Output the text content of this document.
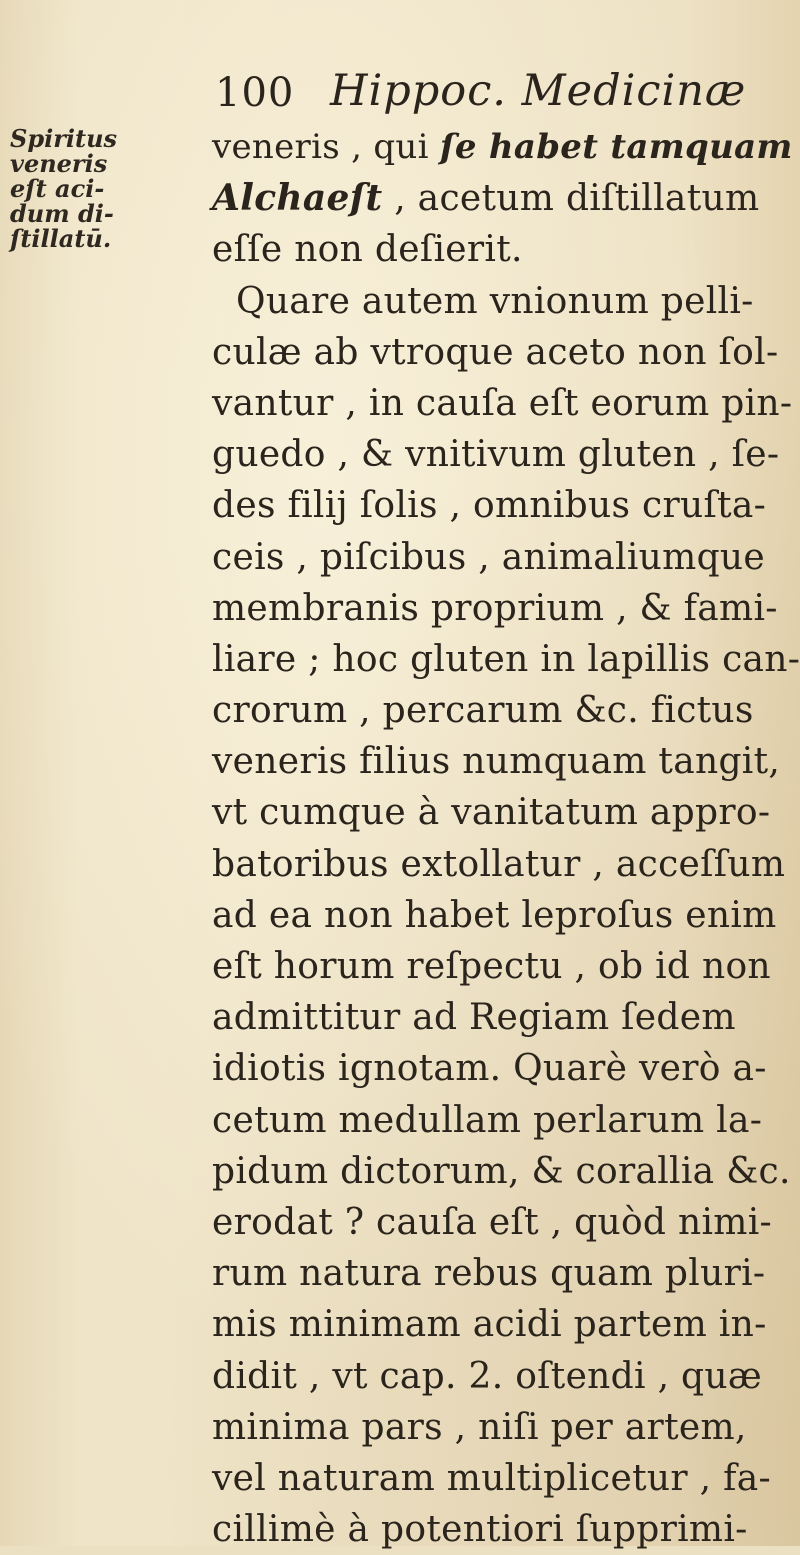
100 Hippoc. Medicinæ
Spiritus
veneris
eſt aci-
dum di-
ſtillatū.
veneris , qui ſe habet tamquam
Alchaeſt , acetum diſtillatum
eſſe non deſierit.
Quare autem vnionum pelli-
culæ ab vtroque aceto non ſol-
vantur , in cauſa eſt eorum pin-
guedo , & vnitivum gluten , ſe-
des filij ſolis , omnibus cruſta-
ceis , piſcibus , animaliumque
membranis proprium , & fami-
liare ; hoc gluten in lapillis can-
crorum , percarum &c. fictus
veneris filius numquam tangit,
vt cumque à vanitatum appro-
batoribus extollatur , acceſſum
ad ea non habet leproſus enim
eſt horum reſpectu , ob id non
admittitur ad Regiam ſedem
idiotis ignotam. Quarè verò a-
cetum medullam perlarum la-
pidum dictorum, & corallia &c.
erodat ? cauſa eſt , quòd nimi-
rum natura rebus quam pluri-
mis minimam acidi partem in-
didit , vt cap. 2. oſtendi , quæ
minima pars , niſi per artem,
vel naturam multiplicetur , fa-
cillimè à potentiori ſupprimi-
